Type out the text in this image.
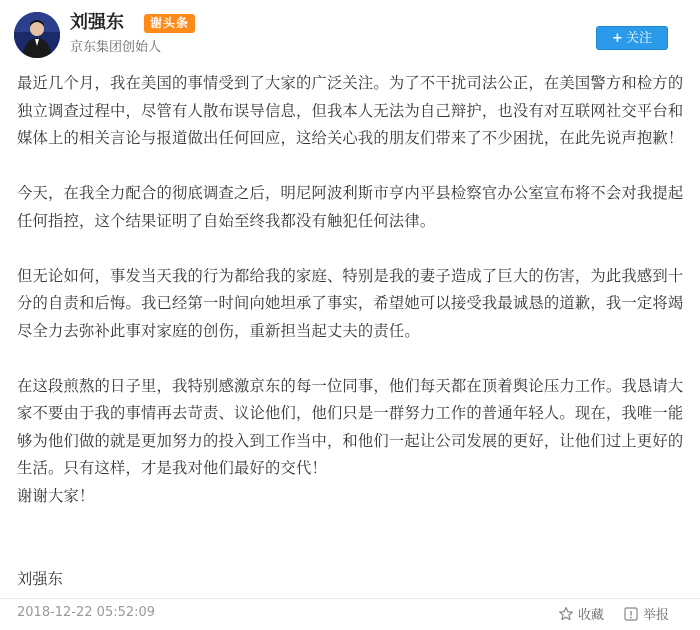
刘强东	谢头条
京东集团创始人
+ 关注

最近几个月，我在美国的事情受到了大家的广泛关注。为了不干扰司法公正，在美国警方和检方的独立调查过程中，尽管有人散布误导信息，但我本人无法为自己辩护，也没有对互联网社交平台和媒体上的相关言论与报道做出任何回应，这给关心我的朋友们带来了不少困扰，在此先说声抱歉！

今天，在我全力配合的彻底调查之后，明尼阿波利斯市亨内平县检察官办公室宣布将不会对我提起任何指控，这个结果证明了自始至终我都没有触犯任何法律。

但无论如何，事发当天我的行为都给我的家庭、特别是我的妻子造成了巨大的伤害，为此我感到十分的自责和后悔。我已经第一时间向她坦承了事实，希望她可以接受我最诚恳的道歉，我一定将竭尽全力去弥补此事对家庭的创伤，重新担当起丈夫的责任。

在这段煎熬的日子里，我特别感激京东的每一位同事，他们每天都在顶着舆论压力工作。我恳请大家不要由于我的事情再去苛责、议论他们，他们只是一群努力工作的普通年轻人。现在，我唯一能够为他们做的就是更加努力的投入到工作当中，和他们一起让公司发展的更好，让他们过上更好的生活。只有这样，才是我对他们最好的交代！

谢谢大家！

刘强东
2018-12-22 05:52:09	收藏	举报
